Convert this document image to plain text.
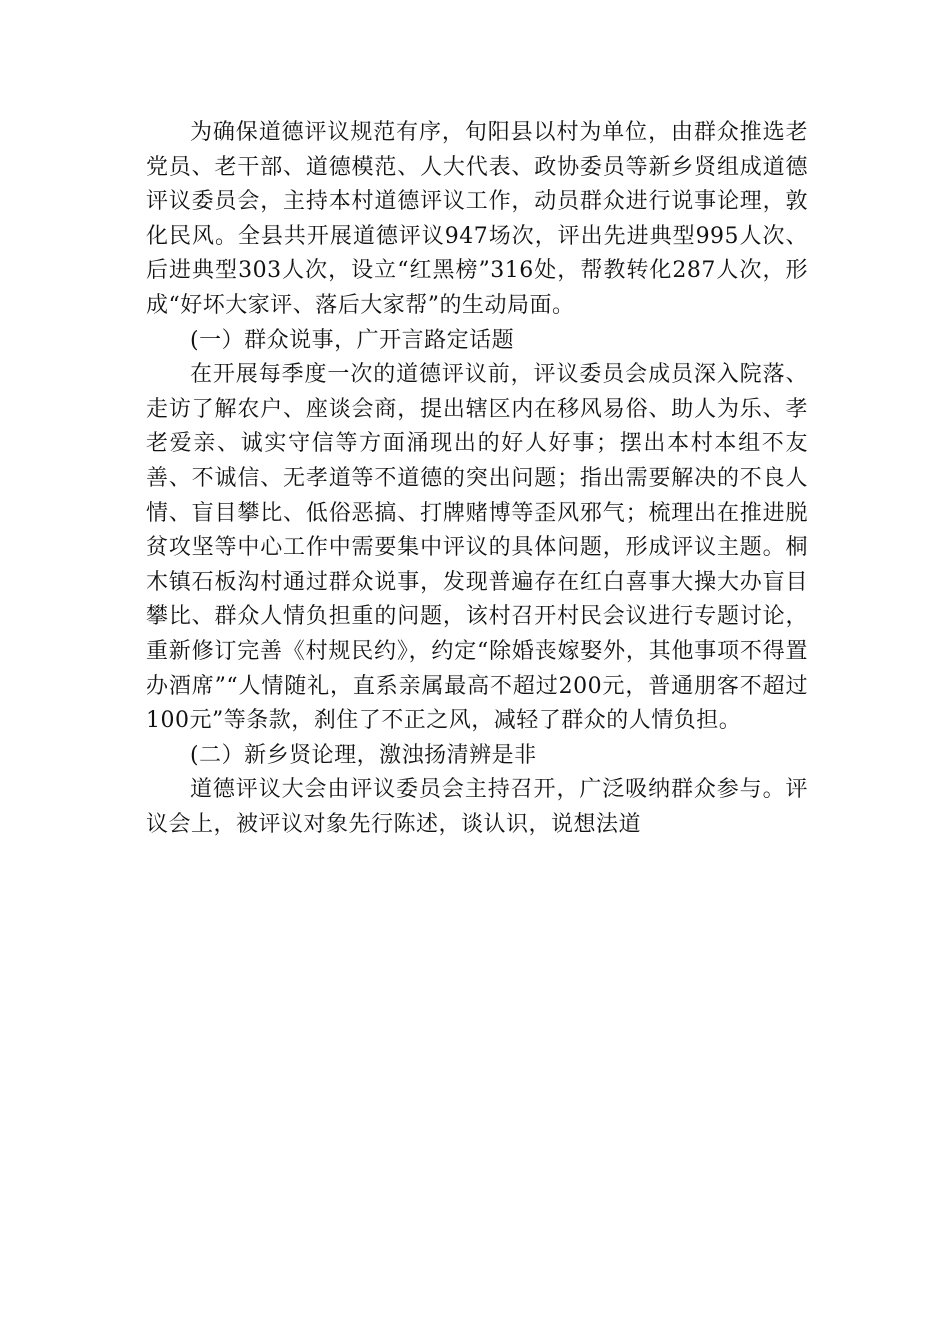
为确保道德评议规范有序，旬阳县以村为单位，由群众推选老党员、老干部、道德模范、人大代表、政协委员等新乡贤组成道德评议委员会，主持本村道德评议工作，动员群众进行说事论理，敦化民风。全县共开展道德评议947场次，评出先进典型995人次、后进典型303人次，设立“红黑榜”316处，帮教转化287人次，形成“好坏大家评、落后大家帮”的生动局面。

(一）群众说事，广开言路定话题

在开展每季度一次的道德评议前，评议委员会成员深入院落、走访了解农户、座谈会商，提出辖区内在移风易俗、助人为乐、孝老爱亲、诚实守信等方面涌现出的好人好事；摆出本村本组不友善、不诚信、无孝道等不道德的突出问题；指出需要解决的不良人情、盲目攀比、低俗恶搞、打牌赌博等歪风邪气；梳理出在推进脱贫攻坚等中心工作中需要集中评议的具体问题，形成评议主题。桐木镇石板沟村通过群众说事，发现普遍存在红白喜事大操大办盲目攀比、群众人情负担重的问题，该村召开村民会议进行专题讨论，重新修订完善《村规民约》，约定“除婚丧嫁娶外，其他事项不得置办酒席”“人情随礼，直系亲属最高不超过200元，普通朋客不超过100元”等条款，刹住了不正之风，减轻了群众的人情负担。

(二）新乡贤论理，激浊扬清辨是非

道德评议大会由评议委员会主持召开，广泛吸纳群众参与。评议会上，被评议对象先行陈述，谈认识，说想法道
